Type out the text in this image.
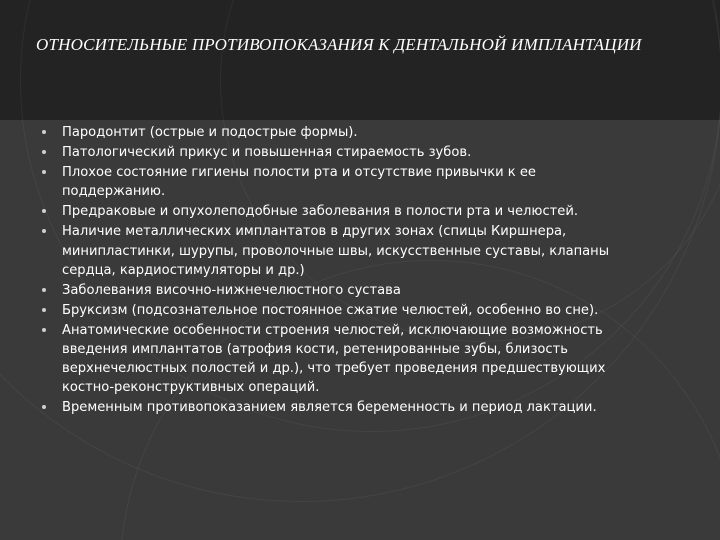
ОТНОСИТЕЛЬНЫЕ ПРОТИВОПОКАЗАНИЯ К ДЕНТАЛЬНОЙ ИМПЛАНТАЦИИ
Пародонтит (острые и подострые формы).
Патологический прикус и повышенная стираемость зубов.
Плохое состояние гигиены полости рта и отсутствие привычки к ее поддержанию.
Предраковые и опухолеподобные заболевания в полости рта и челюстей.
Наличие металлических имплантатов в других зонах (спицы Киршнера, минипластинки, шурупы, проволочные швы, искусственные суставы, клапаны сердца, кардиостимуляторы и др.)
Заболевания височно-нижнечелюстного сустава
Бруксизм (подсознательное постоянное сжатие челюстей, особенно во сне).
Анатомические особенности строения челюстей, исключающие возможность введения имплантатов (атрофия кости, ретенированные зубы, близость верхнечелюстных полостей и др.), что требует проведения предшествующих костно-реконструктивных операций.
Временным противопоказанием является беременность и период лактации.
